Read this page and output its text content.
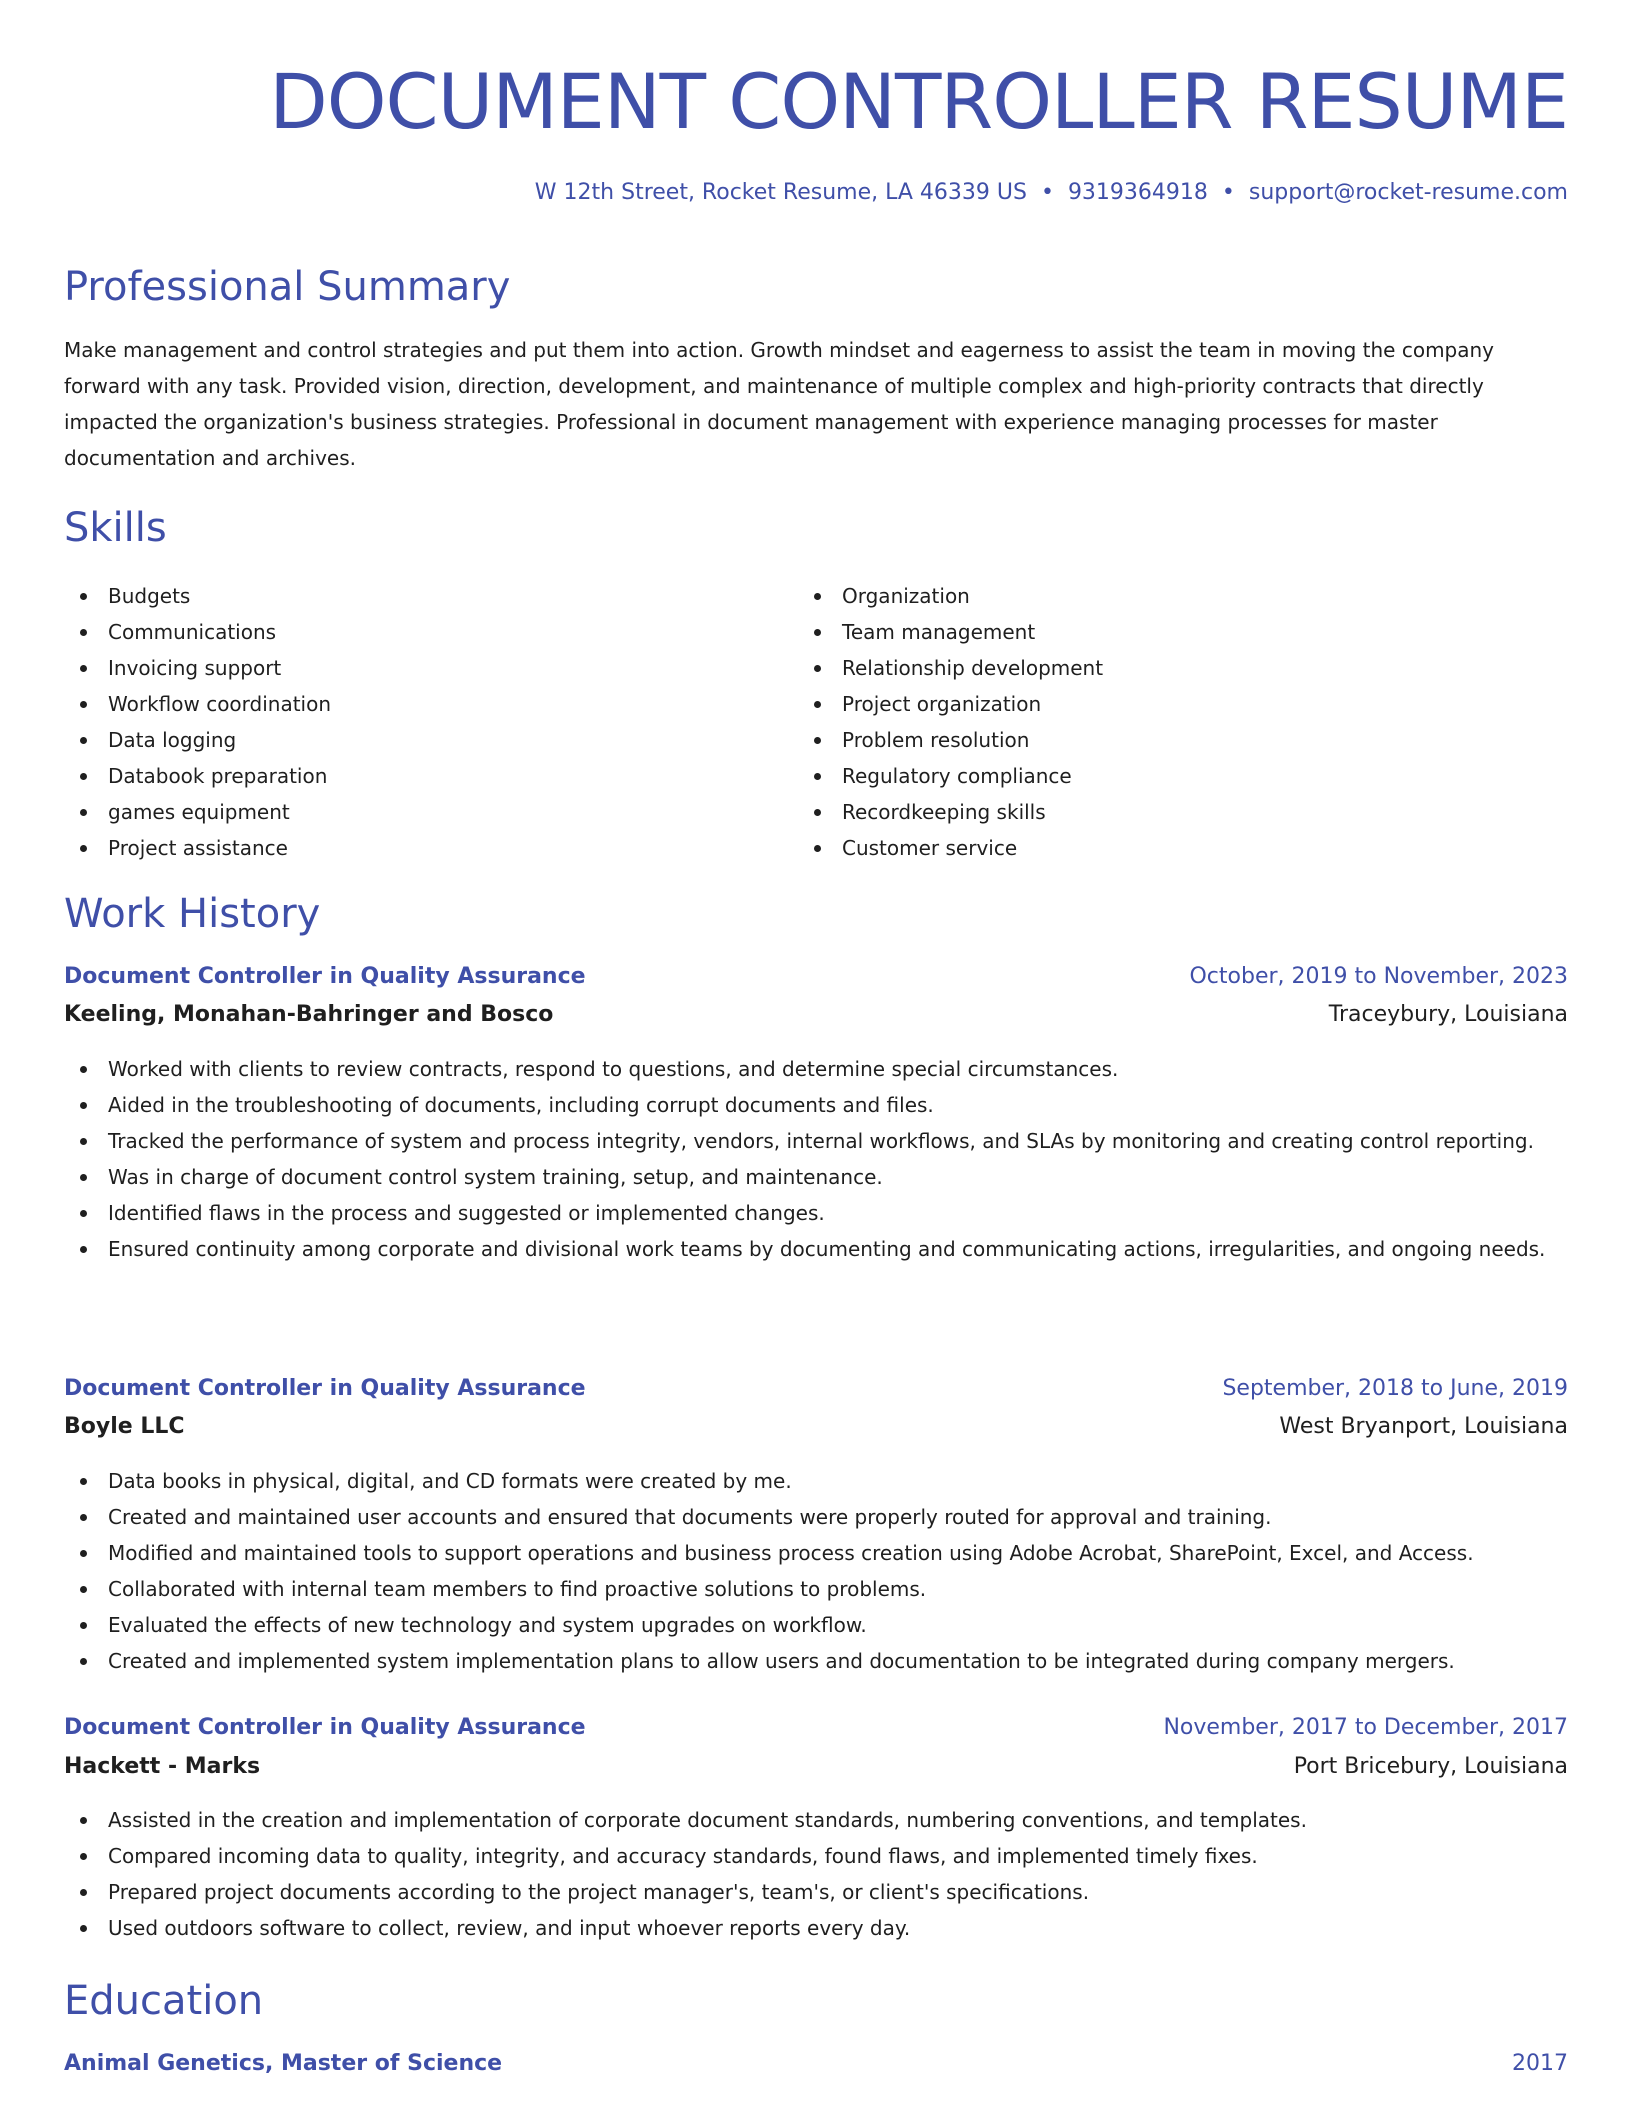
DOCUMENT CONTROLLER RESUME
W 12th Street, Rocket Resume, LA 46339 US • 9319364918 • support@rocket-resume.com
Professional Summary

Make management and control strategies and put them into action. Growth mindset and eagerness to assist the team in moving the company forward with any task. Provided vision, direction, development, and maintenance of multiple complex and high-priority contracts that directly impacted the organization's business strategies. Professional in document management with experience managing processes for master documentation and archives.

Skills
Budgets
Communications
Invoicing support
Workflow coordination
Data logging
Databook preparation
games equipment
Project assistance
Organization
Team management
Relationship development
Project organization
Problem resolution
Regulatory compliance
Recordkeeping skills
Customer service
Work History
Document Controller in Quality Assurance	October, 2019 to November, 2023
Keeling, Monahan-Bahringer and Bosco	Traceybury, Louisiana
Worked with clients to review contracts, respond to questions, and determine special circumstances.
Aided in the troubleshooting of documents, including corrupt documents and files.
Tracked the performance of system and process integrity, vendors, internal workflows, and SLAs by monitoring and creating control reporting.
Was in charge of document control system training, setup, and maintenance.
Identified flaws in the process and suggested or implemented changes.
Ensured continuity among corporate and divisional work teams by documenting and communicating actions, irregularities, and ongoing needs.
Document Controller in Quality Assurance	September, 2018 to June, 2019
Boyle LLC	West Bryanport, Louisiana
Data books in physical, digital, and CD formats were created by me.
Created and maintained user accounts and ensured that documents were properly routed for approval and training.
Modified and maintained tools to support operations and business process creation using Adobe Acrobat, SharePoint, Excel, and Access.
Collaborated with internal team members to find proactive solutions to problems.
Evaluated the effects of new technology and system upgrades on workflow.
Created and implemented system implementation plans to allow users and documentation to be integrated during company mergers.
Document Controller in Quality Assurance	November, 2017 to December, 2017
Hackett - Marks	Port Bricebury, Louisiana
Assisted in the creation and implementation of corporate document standards, numbering conventions, and templates.
Compared incoming data to quality, integrity, and accuracy standards, found flaws, and implemented timely fixes.
Prepared project documents according to the project manager's, team's, or client's specifications.
Used outdoors software to collect, review, and input whoever reports every day.
Education
Animal Genetics, Master of Science	2017
